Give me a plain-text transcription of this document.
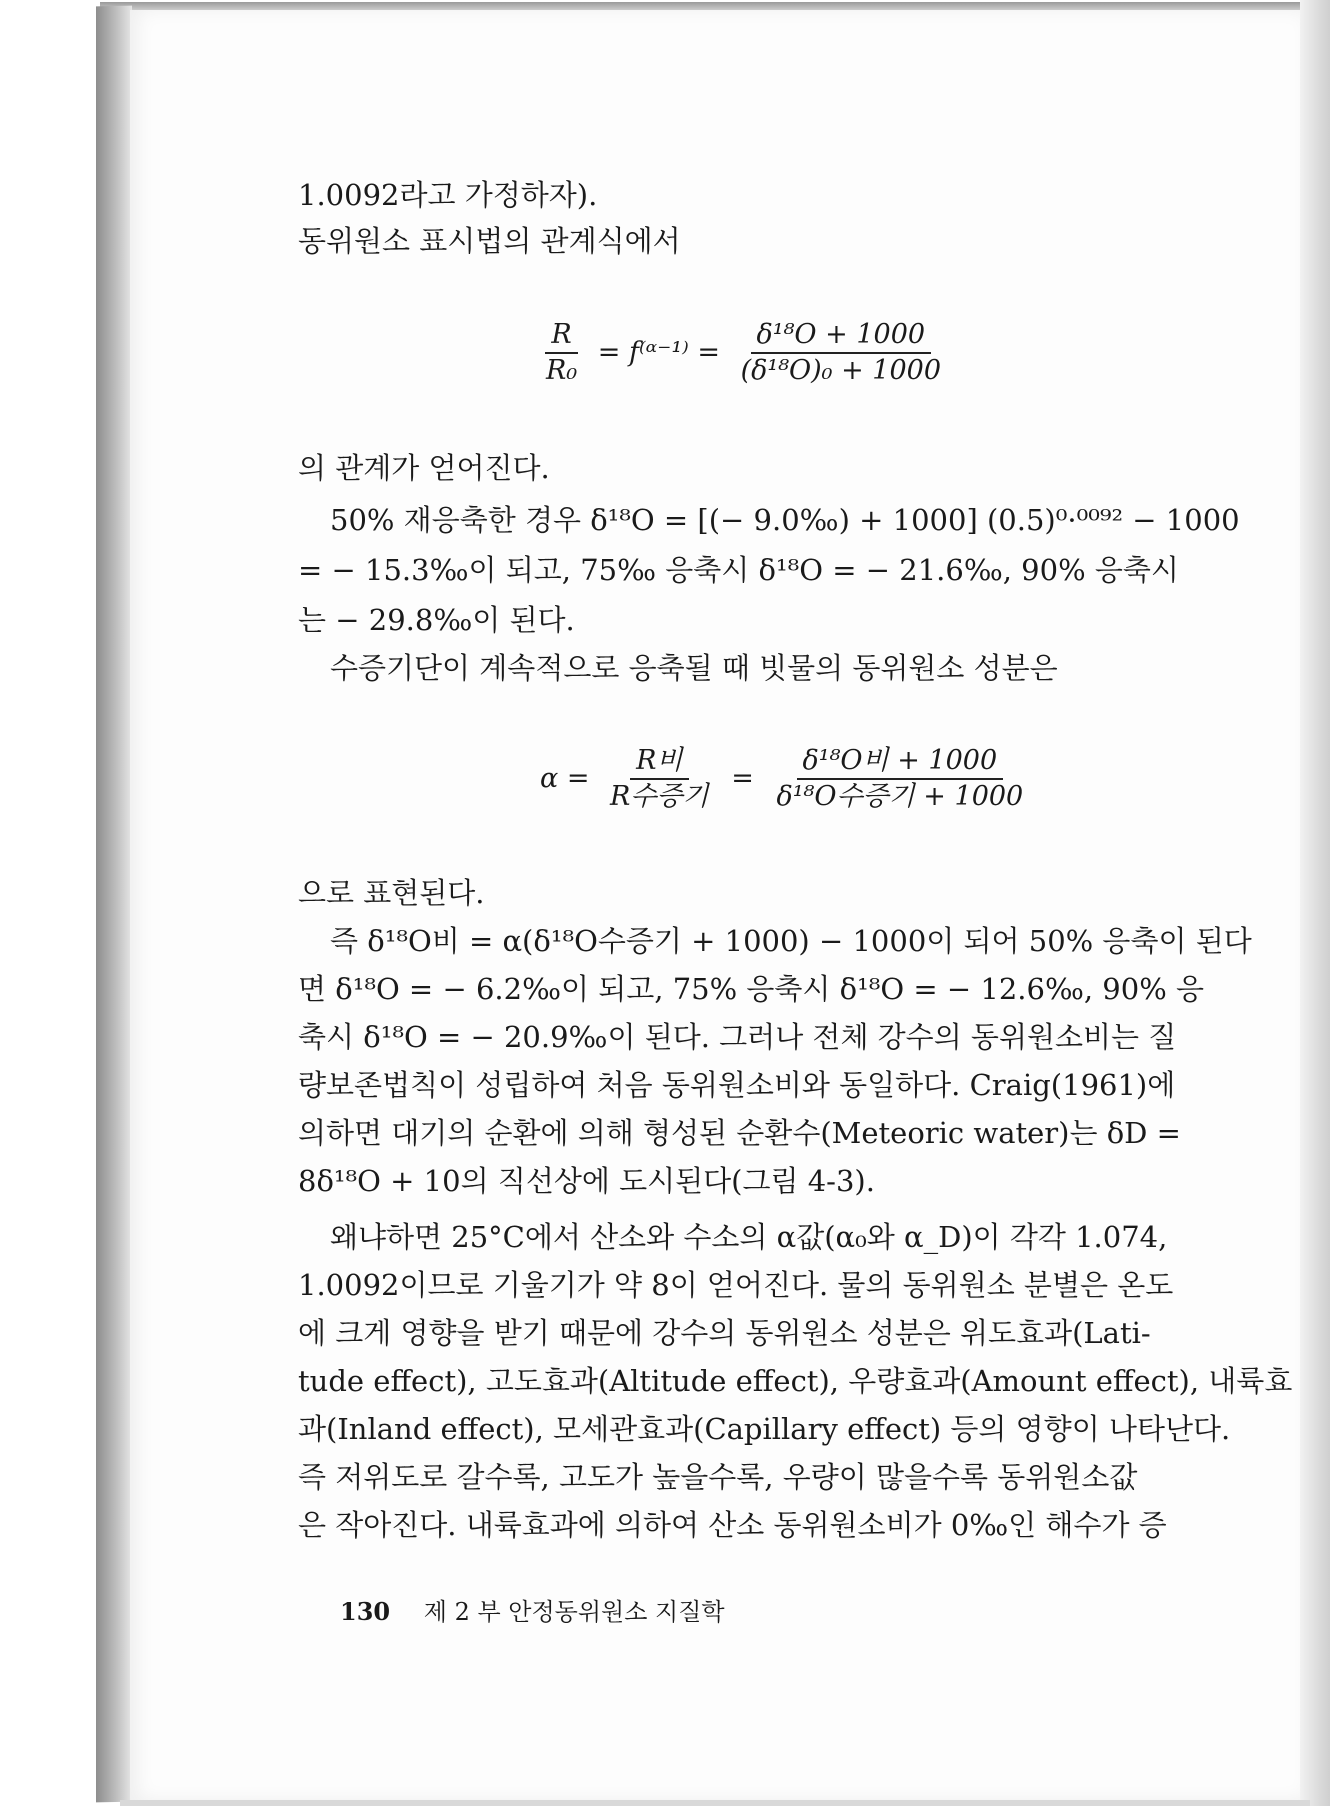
1.0092라고 가정하자).
동위원소 표시법의 관계식에서
$\frac{R}{\text{R₀}}$ = f⁽ᵅ⁻¹⁾ = $\frac{\text{δ¹⁸O + 1000}}{\text{(δ¹⁸O)₀ + 1000}}$
의 관계가 얻어진다.
50% 재응축한 경우 δ¹⁸O = [(− 9.0‰) + 1000] (0.5)⁰·⁰⁰⁹² − 1000
= − 15.3‰이 되고, 75‰ 응축시 δ¹⁸O = − 21.6‰, 90% 응축시
는 − 29.8‰이 된다.
수증기단이 계속적으로 응축될 때 빗물의 동위원소 성분은
$\alpha = \frac{\text{R비}}{\text{R수증기}} = \frac{\text{δ¹⁸O비 + 1000}}{\text{δ¹⁸O수증기 + 1000}}$
으로 표현된다.
즉 δ¹⁸O비 = α(δ¹⁸O수증기 + 1000) − 1000이 되어 50% 응축이 된다
면 δ¹⁸O = − 6.2‰이 되고, 75% 응축시 δ¹⁸O = − 12.6‰, 90% 응
축시 δ¹⁸O = − 20.9‰이 된다. 그러나 전체 강수의 동위원소비는 질
량보존법칙이 성립하여 처음 동위원소비와 동일하다. Craig(1961)에
의하면 대기의 순환에 의해 형성된 순환수(Meteoric water)는 δD =
8δ¹⁸O + 10의 직선상에 도시된다(그림 4-3).
왜냐하면 25°C에서 산소와 수소의 α값(α₀와 α_D)이 각각 1.074,
1.0092이므로 기울기가 약 8이 얻어진다. 물의 동위원소 분별은 온도
에 크게 영향을 받기 때문에 강수의 동위원소 성분은 위도효과(Lati-
tude effect), 고도효과(Altitude effect), 우량효과(Amount effect), 내륙효
과(Inland effect), 모세관효과(Capillary effect) 등의 영향이 나타난다.
즉 저위도로 갈수록, 고도가 높을수록, 우량이 많을수록 동위원소값
은 작아진다. 내륙효과에 의하여 산소 동위원소비가 0‰인 해수가 증
130 제 2 부 안정동위원소 지질학
